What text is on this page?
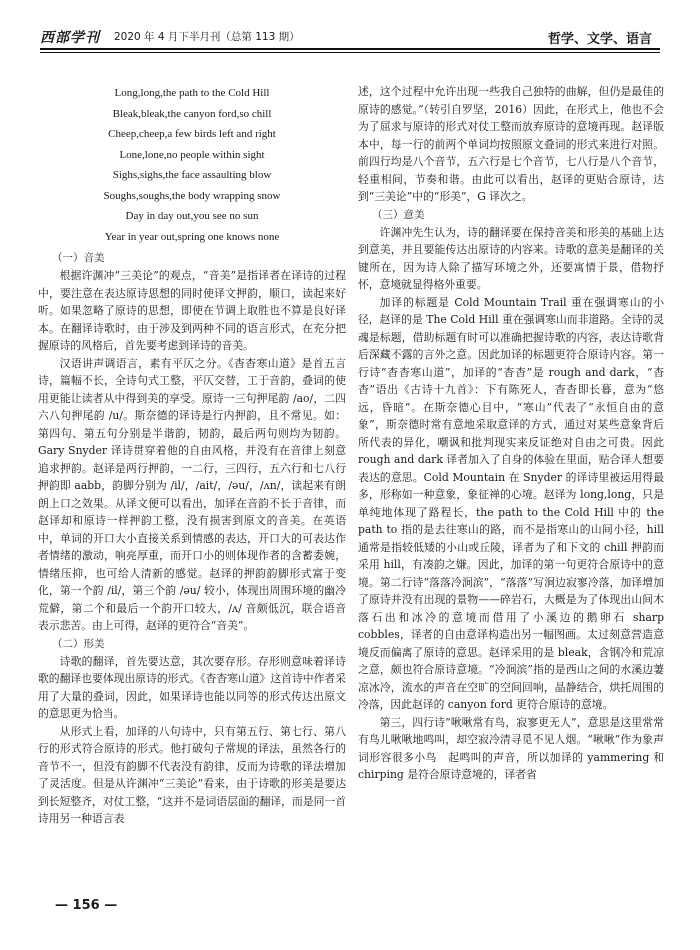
西部学刊 2020 年 4 月下半月刊（总第 113 期）	哲学、文学、语言
Long,long,the path to the Cold Hill
Bleak,bleak,the canyon ford,so chill
Cheep,cheep,a few birds left and right
Lone,lone,no people within sight
Sighs,sighs,the face assaulting blow
Soughs,soughs,the body wrapping snow
Day in day out,you see no sun
Year in year out,spring one knows none

（一）音美

根据许渊冲“三美论”的观点，“音美”是指译者在译诗的过程中，要注意在表达原诗思想的同时使译文押韵，顺口，读起来好听。如果忽略了原诗的思想，即使在节调上取胜也不算是良好译本。在翻译诗歌时，由于涉及到两种不同的语言形式，在充分把握原诗的风格后，首先要考虑到译诗的音美。

汉语讲声调语言，素有平仄之分。《杳杳寒山道》是首五言诗，篇幅不长，全诗句式工整，平仄交替，工于音韵，叠词的使用更能让读者从中得到美的享受。原诗一三句押尾韵 /ao/，二四六八句押尾韵 /u/。斯奈德的译诗是行内押韵，且不常见。如：第四句、第五句分别是半谐韵，韧韵，最后两句则均为韧韵。Gary Snyder 译诗贯穿着他的自由风格，并没有在音律上刻意追求押韵。赵译是两行押韵，一二行，三四行，五六行和七八行押韵即 aabb，韵脚分别为 /il/，/ait/，/əu/，/ʌn/，读起来有朗朗上口之效果。从译文便可以看出，加译在音韵不长于音律，而赵译却和原诗一样押韵工整，没有损害到原文的音美。在英语中，单词的开口大小直接关系到情感的表达，开口大的可表达作者情绪的激动，响亮厚重，而开口小的则体现作者的含蓄委婉，情绪压抑，也可给人清新的感觉。赵译的押韵韵脚形式富于变化，第一个韵 /il/，第三个韵 /əu/ 较小，体现出周围环境的幽冷荒僻，第二个和最后一个韵开口较大，/ʌ/ 音颇低沉，联合语音表示悲苦。由上可得，赵译的更符合“音美”。

（二）形美

诗歌的翻译，首先要达意，其次要存形。存形则意味着译诗歌的翻译也要体现出原诗的形式。《杳杳寒山道》这首诗中作者采用了大量的叠词，因此，如果译诗也能以同等的形式传达出原文的意思更为恰当。

从形式上看，加译的八句诗中，只有第五行、第七行、第八行的形式符合原诗的形式。他打破句子常规的译法，虽然各行的音节不一，但没有韵脚不代表没有韵律，反而为诗歌的译法增加了灵活度。但是从许渊冲“三美论”看来，由于诗歌的形美是要达到长短整齐，对仗工整，“这并不是词语层面的翻译，而是同一首诗用另一种语言表

述，这个过程中允许出现一些我自己独特的曲解，但仍是最佳的原诗的感觉。”（转引自罗坚，2016）因此，在形式上，他也不会为了屈求与原诗的形式对仗工整而放弃原诗的意境再现。赵译版本中，每一行的前两个单词均按照原文叠词的形式来进行对照。前四行均是八个音节，五六行是七个音节，七八行是八个音节，轻重相间，节奏和谐。由此可以看出，赵译的更贴合原诗，达到“三美论”中的“形美”，G 译次之。

（三）意美

许渊冲先生认为，诗的翻译要在保持音美和形美的基础上达到意美，并且要能传达出原诗的内容来。诗歌的意美是翻译的关键所在，因为诗人除了描写环境之外，还要寓情于景，借物抒怀，意境就显得格外重要。

加译的标题是 Cold Mountain Trail 重在强调寒山的小径，赵译的是 The Cold Hill 重在强调寒山而非道路。全诗的灵魂是标题，借助标题有时可以准确把握诗歌的内容，表达诗歌背后深藏不露的言外之意。因此加译的标题更符合原诗内容。第一行诗“杳杳寒山道”，加译的“杳杳”是 rough and dark，“杳杳”语出《古诗十九首》：下有陈死人，杳杳即长暮，意为“悠远，昏暗”。在斯奈德心目中，“寒山”代表了“永恒自由的意象”，斯奈德时常有意地采取意译的方式，通过对某些意象背后所代表的异化，嘲讽和批判现实来反证绝对自由之可贵。因此 rough and dark 译者加入了自身的体验在里面，贴合译人想要表达的意思。Cold Mountain 在 Snyder 的译诗里被运用得最多，形称如一种意象，象征禅的心境。赵译为 long,long，只是单纯地体现了路程长，the path to the Cold Hill 中的 the path to 指的是去往寒山的路，而不是指寒山的山间小径，hill 通常是指较低矮的小山或丘陵，译者为了和下文的 chill 押韵而采用 hill，有凑韵之嫌。因此，加译的第一句更符合原诗中的意境。第二行诗“落落冷涧滨”，“落落”写涧边寂寥冷落，加译增加了原诗并没有出现的景物——碎岩石，大概是为了体现出山间木落石出和冰冷的意境而借用了小溪边的鹅卵石 sharp cobbles，译者的自由意译构造出另一幅图画。太过刻意营造意境反而偏离了原诗的意思。赵译采用的是 bleak，含钢冷和荒凉之意，颇也符合原诗意境。“冷涧滨”指的是西山之间的水溪边萋凉冰冷，流水的声音在空旷的空间回响，晶静结合，烘托周围的冷落，因此赵译的 canyon ford 更符合原诗的意境。

第三，四行诗“啾啾常有鸟，寂寥更无人”，意思是这里常常有鸟儿啾啾地鸣叫，却空寂冷清寻觅不见人烟。“啾啾”作为象声词形容很多小鸟　起鸣叫的声音，所以加译的 yammering 和 chirping 是符合原诗意境的，译者省

— 156 —
